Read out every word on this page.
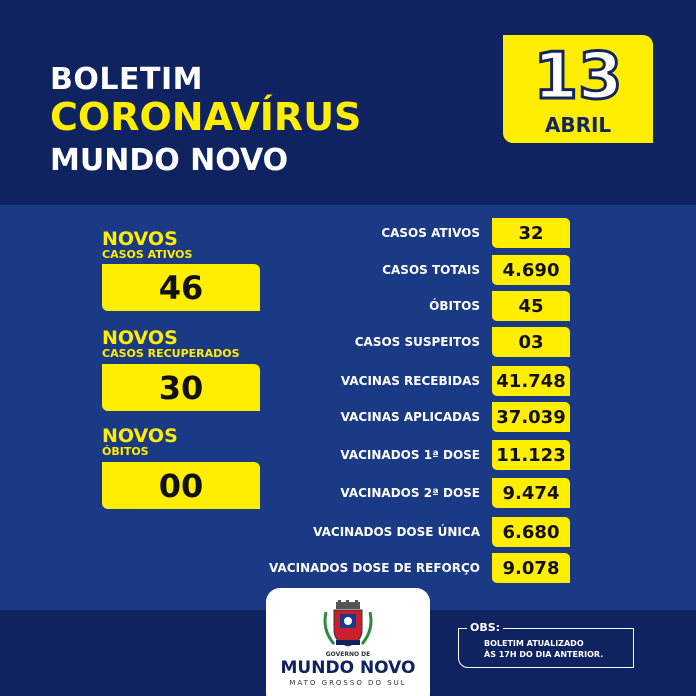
BOLETIM
CORONAVÍRUS
MUNDO NOVO
13
ABRIL
NOVOS
CASOS ATIVOS
46
NOVOS
CASOS RECUPERADOS
30
NOVOS
ÓBITOS
00
CASOS ATIVOS	32
CASOS TOTAIS	4.690
ÓBITOS	45
CASOS SUSPEITOS	03
VACINAS RECEBIDAS 41.748
VACINAS APLICADAS 37.039
VACINADOS 1ª DOSE 11.123
VACINADOS 2ª DOSE	9.474
VACINADOS DOSE ÚNICA	6.680
VACINADOS DOSE DE REFORÇO	9.078
GOVERNO DE
MUNDO NOVO
MATO GROSSO DO SUL
OBS:
BOLETIM ATUALIZADO
ÀS 17H DO DIA ANTERIOR.
